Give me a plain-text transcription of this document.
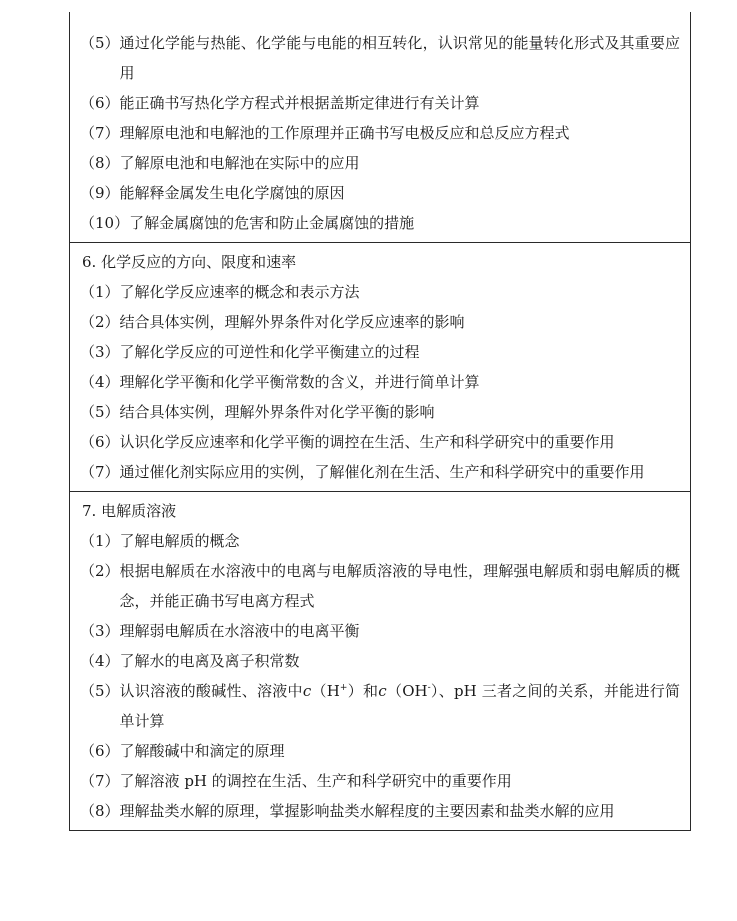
（5） 通过化学能与热能、化学能与电能的相互转化，认识常见的能量转化形式及其重要应用
（6） 能正确书写热化学方程式并根据盖斯定律进行有关计算
（7） 理解原电池和电解池的工作原理并正确书写电极反应和总反应方程式
（8） 了解原电池和电解池在实际中的应用
（9） 能解释金属发生电化学腐蚀的原因
（10） 了解金属腐蚀的危害和防止金属腐蚀的措施
6. 化学反应的方向、限度和速率
（1） 了解化学反应速率的概念和表示方法
（2） 结合具体实例，理解外界条件对化学反应速率的影响
（3） 了解化学反应的可逆性和化学平衡建立的过程
（4） 理解化学平衡和化学平衡常数的含义，并进行简单计算
（5） 结合具体实例，理解外界条件对化学平衡的影响
（6） 认识化学反应速率和化学平衡的调控在生活、生产和科学研究中的重要作用
（7） 通过催化剂实际应用的实例，了解催化剂在生活、生产和科学研究中的重要作用
7. 电解质溶液
（1） 了解电解质的概念
（2） 根据电解质在水溶液中的电离与电解质溶液的导电性，理解强电解质和弱电解质的概念，并能正确书写电离方程式
（3） 理解弱电解质在水溶液中的电离平衡
（4） 了解水的电离及离子积常数
（5） 认识溶液的酸碱性、溶液中c（H+）和c（OH-）、pH 三者之间的关系，并能进行简单计算
（6） 了解酸碱中和滴定的原理
（7） 了解溶液 pH 的调控在生活、生产和科学研究中的重要作用
（8） 理解盐类水解的原理，掌握影响盐类水解程度的主要因素和盐类水解的应用
